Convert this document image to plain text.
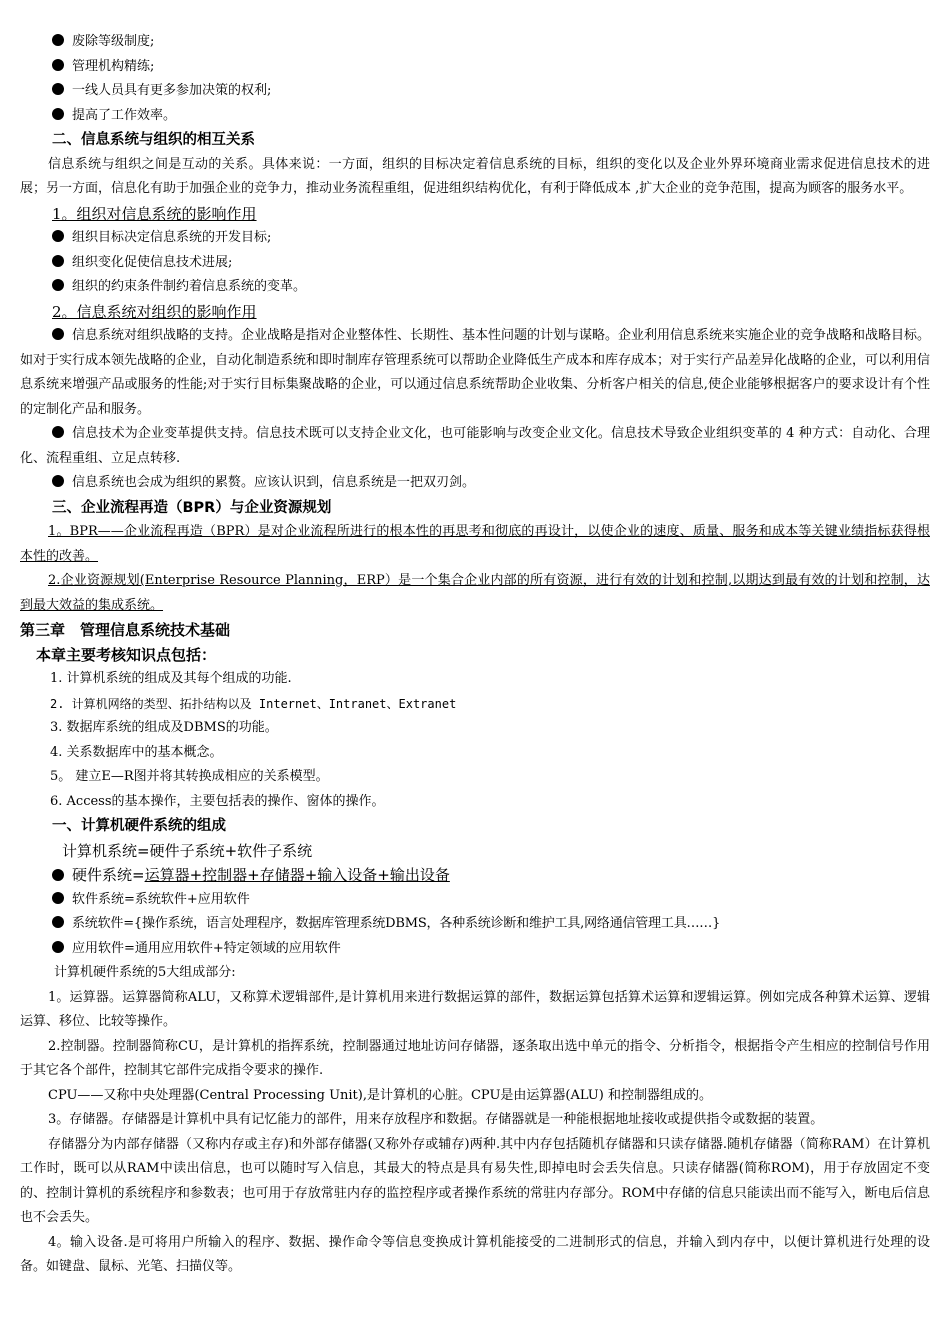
废除等级制度;
管理机构精练;
一线人员具有更多参加决策的权利;
提高了工作效率。
二、信息系统与组织的相互关系
信息系统与组织之间是互动的关系。具体来说：一方面，组织的目标决定着信息系统的目标，组织的变化以及企业外界环境商业需求促进信息技术的进展；另一方面，信息化有助于加强企业的竞争力，推动业务流程重组，促进组织结构优化，有利于降低成本 ,扩大企业的竞争范围，提高为顾客的服务水平。
1。组织对信息系统的影响作用
组织目标决定信息系统的开发目标;
组织变化促使信息技术进展;
组织的约束条件制约着信息系统的变革。
2。信息系统对组织的影响作用
信息系统对组织战略的支持。企业战略是指对企业整体性、长期性、基本性问题的计划与谋略。企业利用信息系统来实施企业的竞争战略和战略目标。如对于实行成本领先战略的企业，自动化制造系统和即时制库存管理系统可以帮助企业降低生产成本和库存成本；对于实行产品差异化战略的企业，可以利用信息系统来增强产品或服务的性能;对于实行目标集聚战略的企业，可以通过信息系统帮助企业收集、分析客户相关的信息,使企业能够根据客户的要求设计有个性的定制化产品和服务。
信息技术为企业变革提供支持。信息技术既可以支持企业文化，也可能影响与改变企业文化。信息技术导致企业组织变革的 4 种方式：自动化、合理化、流程重组、立足点转移.
信息系统也会成为组织的累赘。应该认识到，信息系统是一把双刃剑。
三、企业流程再造（BPR）与企业资源规划
1。BPR——企业流程再造（BPR）是对企业流程所进行的根本性的再思考和彻底的再设计，以使企业的速度、质量、服务和成本等关键业绩指标获得根本性的改善。
2.企业资源规划(Enterprise Resource Planning，ERP）是一个集合企业内部的所有资源，进行有效的计划和控制,以期达到最有效的计划和控制，达到最大效益的集成系统。
第三章　管理信息系统技术基础
本章主要考核知识点包括：
1. 计算机系统的组成及其每个组成的功能.
2. 计算机网络的类型、拓扑结构以及 Internet、Intranet、Extranet
3. 数据库系统的组成及DBMS的功能。
4. 关系数据库中的基本概念。
5。 建立E—R图并将其转换成相应的关系模型。
6. Access的基本操作，主要包括表的操作、窗体的操作。
一、计算机硬件系统的组成
计算机系统=硬件子系统+软件子系统
硬件系统=运算器+控制器+存储器+输入设备+输出设备
软件系统=系统软件+应用软件
系统软件={操作系统，语言处理程序，数据库管理系统DBMS，各种系统诊断和维护工具,网络通信管理工具……}
应用软件=通用应用软件+特定领域的应用软件
计算机硬件系统的5大组成部分:
1。运算器。运算器简称ALU，又称算术逻辑部件,是计算机用来进行数据运算的部件，数据运算包括算术运算和逻辑运算。例如完成各种算术运算、逻辑运算、移位、比较等操作。
2.控制器。控制器简称CU，是计算机的指挥系统，控制器通过地址访问存储器，逐条取出选中单元的指令、分析指令，根据指令产生相应的控制信号作用于其它各个部件，控制其它部件完成指令要求的操作.
CPU——又称中央处理器(Central Processing Unit),是计算机的心脏。CPU是由运算器(ALU) 和控制器组成的。
3。存储器。存储器是计算机中具有记忆能力的部件，用来存放程序和数据。存储器就是一种能根据地址接收或提供指令或数据的装置。
存储器分为内部存储器（又称内存或主存)和外部存储器(又称外存或辅存)两种.其中内存包括随机存储器和只读存储器.随机存储器（简称RAM）在计算机工作时，既可以从RAM中读出信息，也可以随时写入信息，其最大的特点是具有易失性,即掉电时会丢失信息。只读存储器(简称ROM)，用于存放固定不变的、控制计算机的系统程序和参数表；也可用于存放常驻内存的监控程序或者操作系统的常驻内存部分。ROM中存储的信息只能读出而不能写入，断电后信息也不会丢失。
4。输入设备.是可将用户所输入的程序、数据、操作命令等信息变换成计算机能接受的二进制形式的信息，并输入到内存中，以便计算机进行处理的设备。如键盘、鼠标、光笔、扫描仪等。
